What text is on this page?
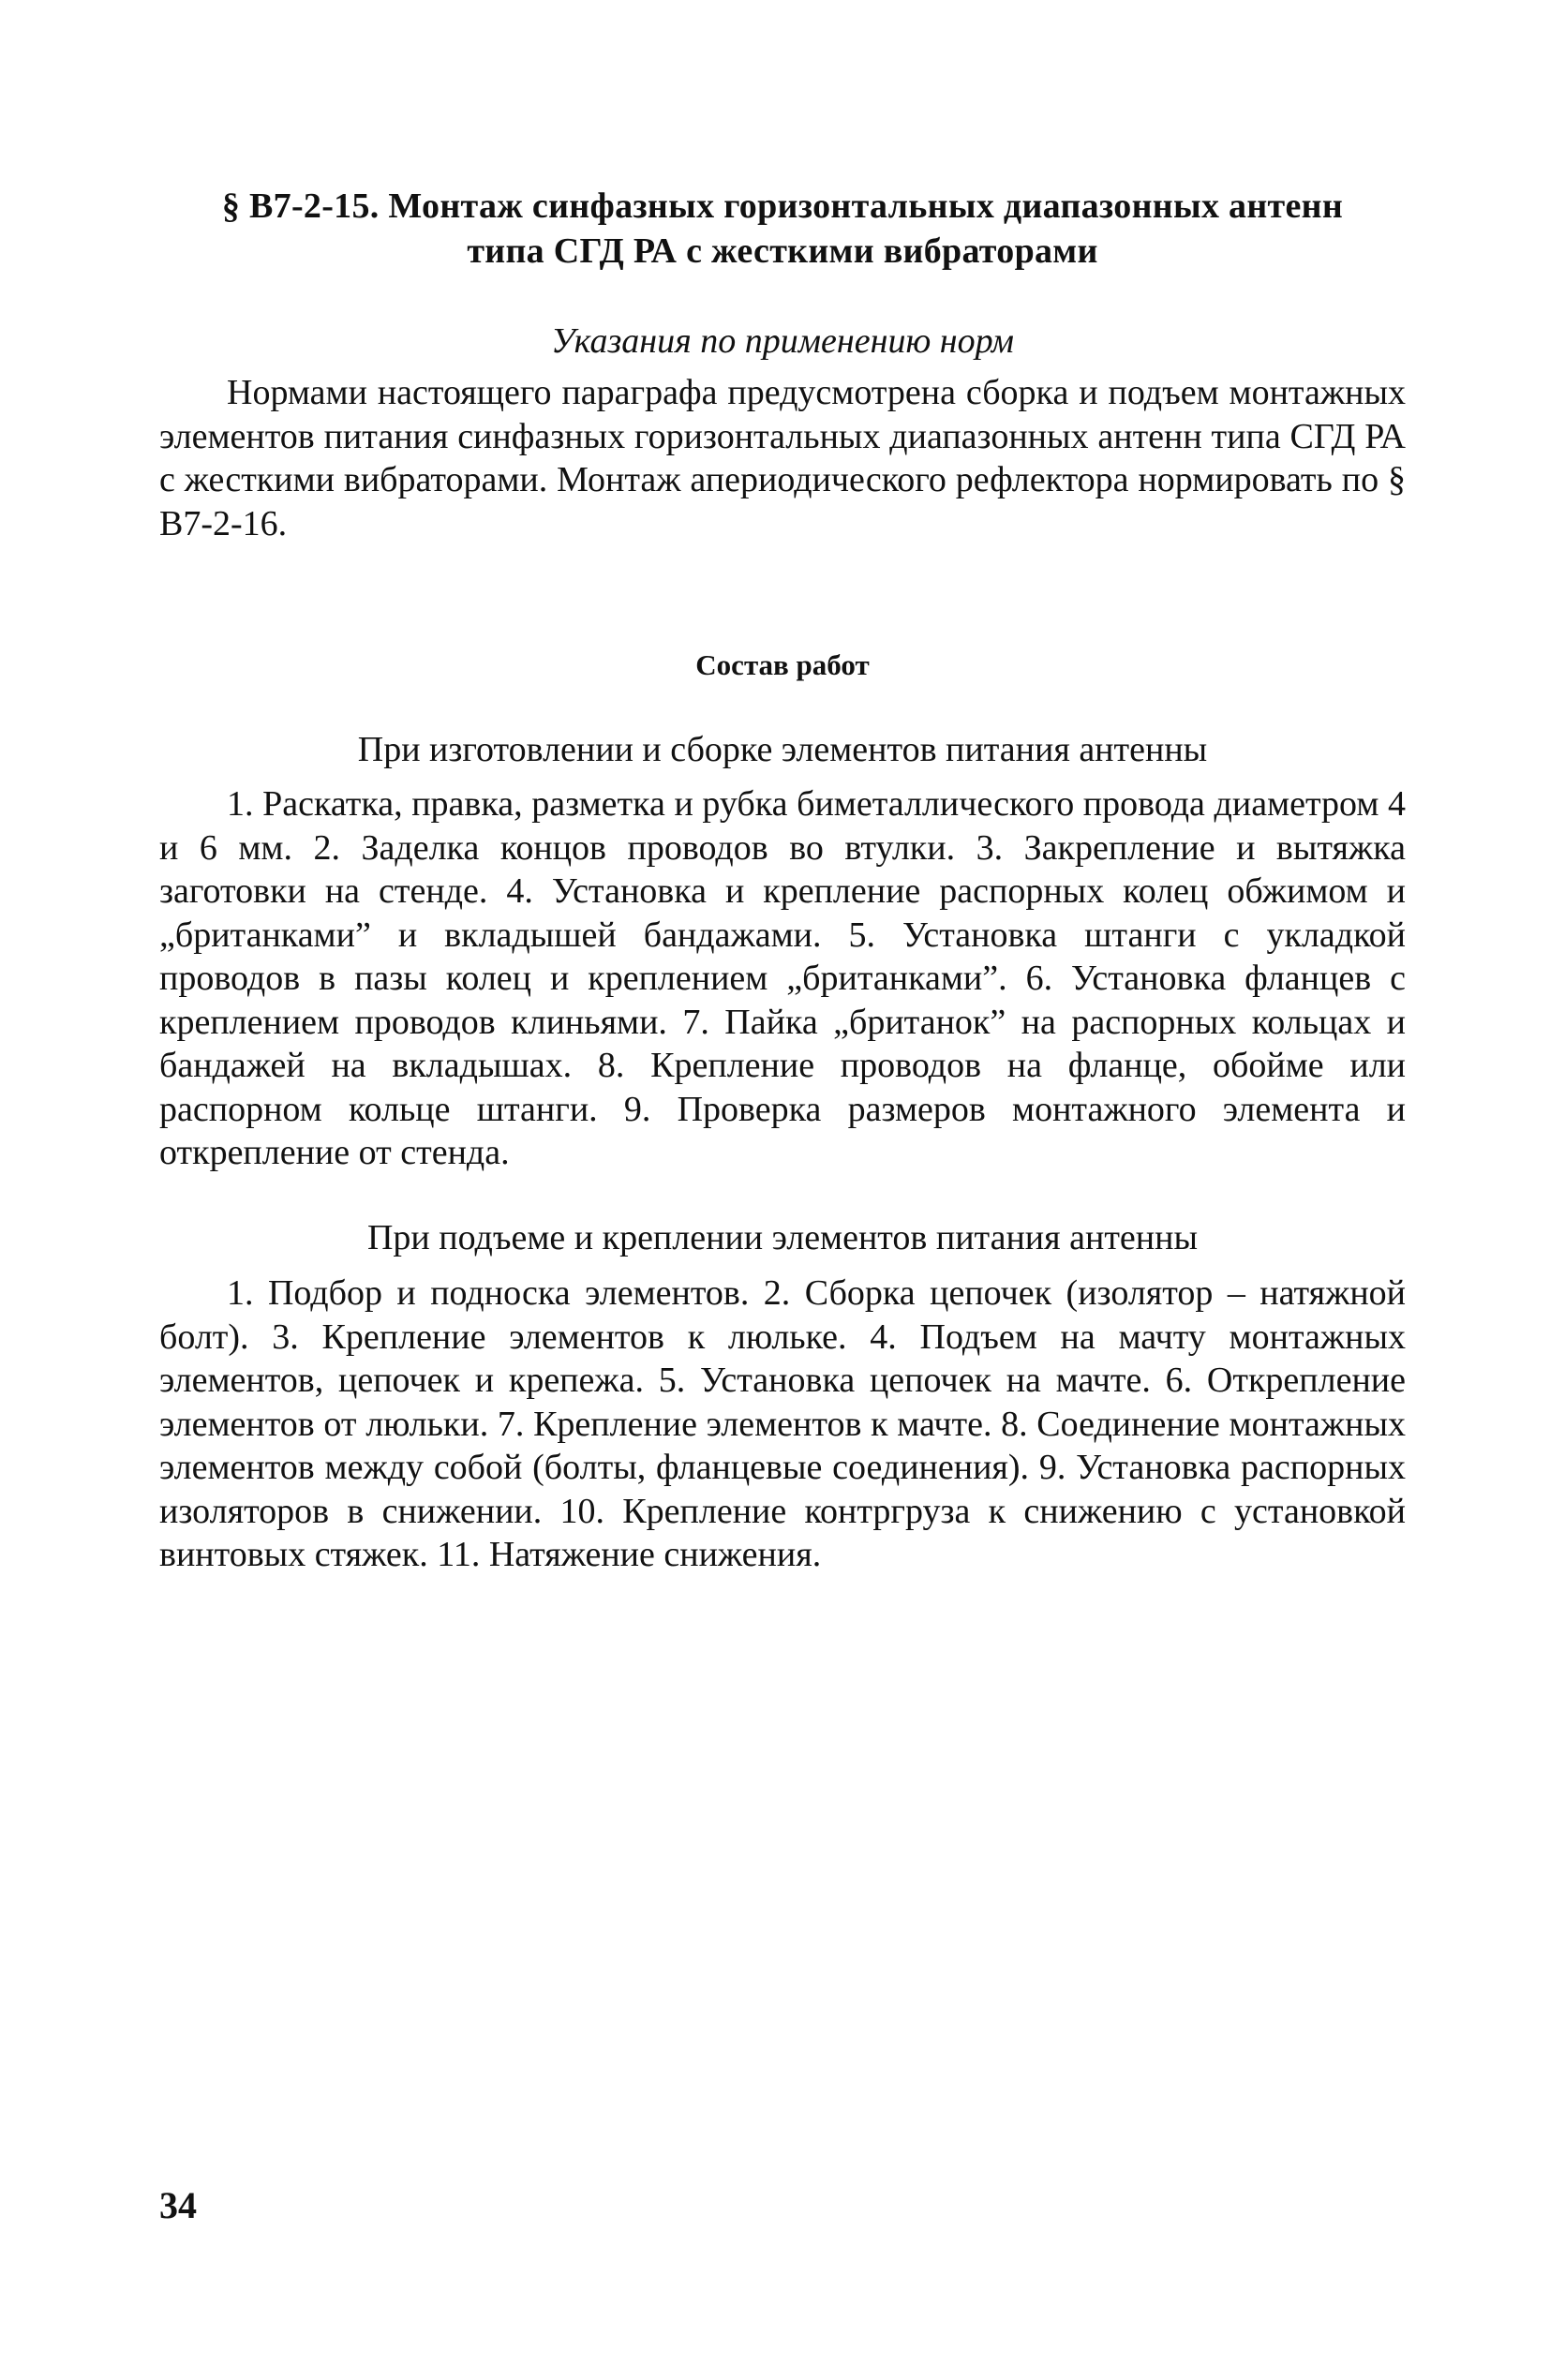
§ В7-2-15. Монтаж синфазных горизонтальных диапазонных антенн
типа СГД РА с жесткими вибраторами
Указания по применению норм

Нормами настоящего параграфа предусмотрена сборка и подъем монтажных элементов питания синфазных горизонтальных диапазонных антенн типа СГД РА с жесткими вибраторами. Монтаж апериодического рефлектора нормировать по § В7-2-16.

Состав работ
При изготовлении и сборке элементов питания антенны

1. Раскатка, правка, разметка и рубка биметаллического провода диаметром 4 и 6 мм. 2. Заделка концов проводов во втулки. 3. Закрепление и вытяжка заготовки на стенде. 4. Установка и крепление распорных колец обжимом и „британками” и вкладышей бандажами. 5. Установка штанги с укладкой проводов в пазы колец и креплением „британками”. 6. Установка фланцев с креплением проводов клиньями. 7. Пайка „британок” на распорных кольцах и бандажей на вкладышах. 8. Крепление проводов на фланце, обойме или распорном кольце штанги. 9. Проверка размеров монтажного элемента и открепление от стенда.

При подъеме и креплении элементов питания антенны

1. Подбор и подноска элементов. 2. Сборка цепочек (изолятор – натяжной болт). 3. Крепление элементов к люльке. 4. Подъем на мачту монтажных элементов, цепочек и крепежа. 5. Установка цепочек на мачте. 6. Открепление элементов от люльки. 7. Крепление элементов к мачте. 8. Соединение монтажных элементов между собой (болты, фланцевые соединения). 9. Установка распорных изоляторов в снижении. 10. Крепление контргруза к снижению с установкой винтовых стяжек. 11. Натяжение снижения.

34
